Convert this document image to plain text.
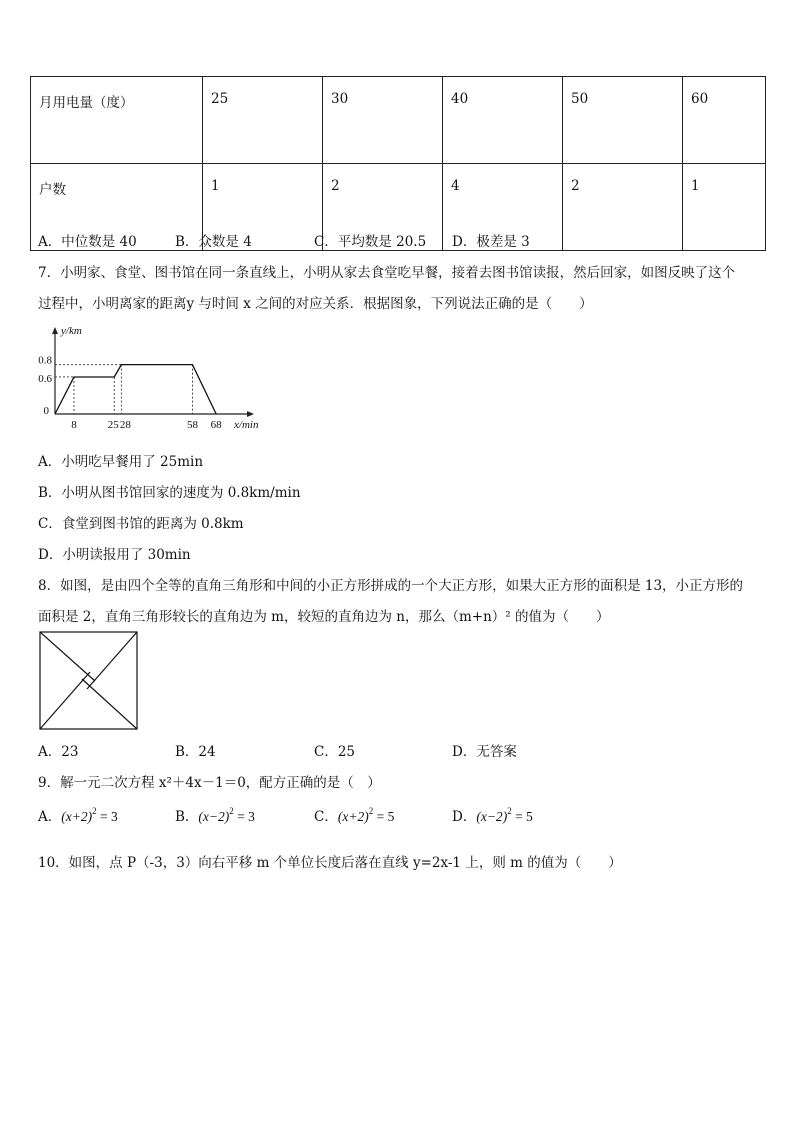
月用电量（度）	25	30	40	50	60
户数	1	2	4	2	1
A．中位数是 40	B．众数是 4	C．平均数是 20.5 D．极差是 3
7．小明家、食堂、图书馆在同一条直线上，小明从家去食堂吃早餐，接着去图书馆读报，然后回家，如图反映了这个
过程中，小明离家的距离y 与时间 x 之间的对应关系．根据图象，下列说法正确的是（　　）
8	25 28	58 68
0.6
0.8
0
x/min
y/km
A．小明吃早餐用了 25min
B．小明从图书馆回家的速度为 0.8km/min
C．食堂到图书馆的距离为 0.8km
D．小明读报用了 30min
8．如图，是由四个全等的直角三角形和中间的小正方形拼成的一个大正方形，如果大正方形的面积是 13，小正方形的
面积是 2，直角三角形较长的直角边为 m，较短的直角边为 n，那么（m+n）² 的值为（　　）
A．23	B．24	C．25	D．无答案
9．解一元二次方程 x²＋4x－1＝0，配方正确的是（　）
A．$(x+2)^2 = 3$	B．$(x-2)^2 = 3$	C．$(x+2)^2 = 5$	D．$(x-2)^2 = 5$
10．如图，点 P（-3，3）向右平移 m 个单位长度后落在直线 y=2x-1 上，则 m 的值为（　　）
